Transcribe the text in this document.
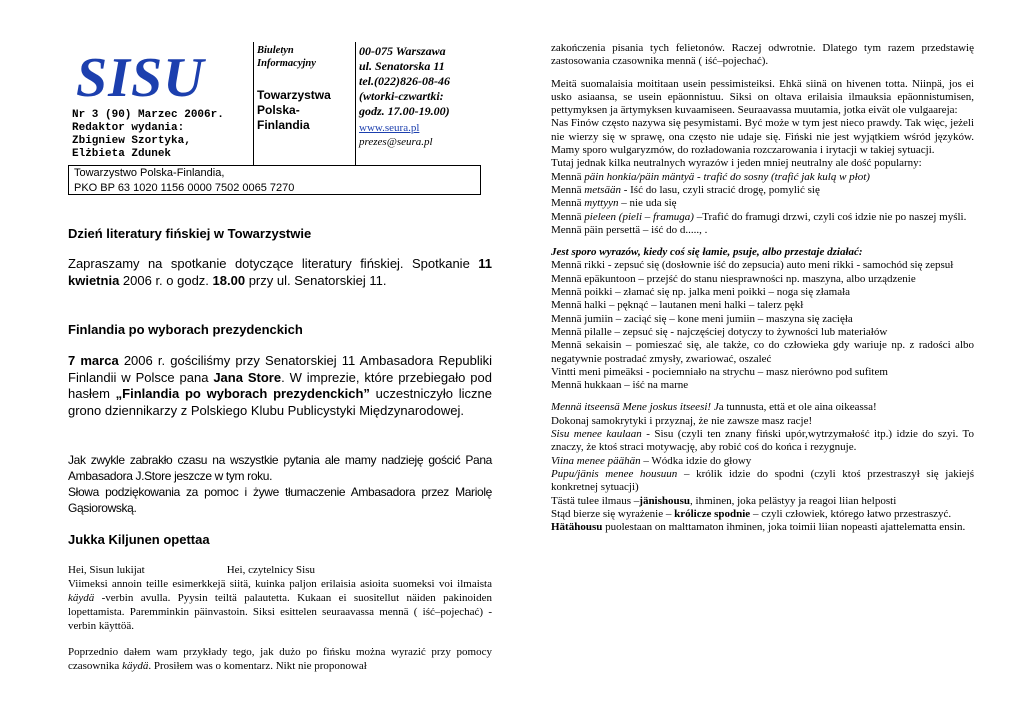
SISU
Nr 3 (90) Marzec 2006r.
Redaktor wydania:
Zbigniew Szortyka,
Elżbieta Zdunek
Biuletyn Informacyjny
Towarzystwa Polska-Finlandia
00-075 Warszawa
ul. Senatorska 11
tel.(022)826-08-46
(wtorki-czwartki:
godz. 17.00-19.00)
www.seura.pl
prezes@seura.pl
Towarzystwo Polska-Finlandia,
PKO BP 63 1020 1156 0000 7502 0065 7270
Dzień literatury fińskiej w Towarzystwie
Zapraszamy na spotkanie dotyczące literatury fińskiej. Spotkanie 11 kwietnia 2006 r. o godz. 18.00 przy ul. Senatorskiej 11.
Finlandia po wyborach prezydenckich
7 marca 2006 r. gościliśmy przy Senatorskiej 11 Ambasadora Republiki Finlandii w Polsce pana Jana Store. W imprezie, które przebiegało pod hasłem „Finlandia po wyborach prezydenckich” uczestniczyło liczne grono dziennikarzy z Polskiego Klubu Publicystyki Międzynarodowej.
Jak zwykle zabrakło czasu na wszystkie pytania ale mamy nadzieję gościć Pana Ambasadora J.Store jeszcze w tym roku.
Słowa podziękowania za pomoc i żywe tłumaczenie Ambasadora przez Mariolę Gąsiorowską.
Jukka Kiljunen opettaa
Hei, Sisun lukijat	Hei, czytelnicy Sisu
Viimeksi annoin teille esimerkkejä siitä, kuinka paljon erilaisia asioita suomeksi voi ilmaista käydä -verbin avulla. Pyysin teiltä palautetta. Kukaan ei suositellut näiden pakinoiden lopettamista. Paremminkin päinvastoin. Siksi esittelen seuraavassa mennä ( iść–pojechać) -verbin käyttöä.
Poprzednio dałem wam przykłady tego, jak dużo po fińsku można wyrazić przy pomocy czasownika käydä. Prosiłem was o komentarz. Nikt nie proponował

zakończenia pisania tych felietonów. Raczej odwrotnie. Dlatego tym razem przedstawię zastosowania czasownika mennä ( iść–pojechać).

Meitä suomalaisia moititaan usein pessimisteiksi. Ehkä siinä on hivenen totta. Niinpä, jos ei usko asiaansa, se usein epäonnistuu. Siksi on oltava erilaisia ilmauksia epäonnistumisen, pettymyksen ja ärtymyksen kuvaamiseen. Seuraavassa muutamia, jotka eivät ole vulgaareja:

Nas Finów często nazywa się pesymistami. Być może w tym jest nieco prawdy. Tak więc, jeżeli nie wierzy się w sprawę, ona często nie udaje się. Fiński nie jest wyjątkiem wśród języków. Mamy sporo wulgaryzmów, do rozładowania rozczarowania i irytacji w takiej sytuacji.

Tutaj jednak kilka neutralnych wyrazów i jeden mniej neutralny ale dość popularny:

Mennä päin honkia/päin mäntyä - trafić do sosny (trafić jak kulą w płot)

Mennä metsään - Iść do lasu, czyli stracić drogę, pomylić się

Mennä myttyyn – nie uda się

Mennä pieleen (pieli – framuga) –Trafić do framugi drzwi, czyli coś idzie nie po naszej myśli.

Mennä päin persettä – iść do d....., .

Jest sporo wyrazów, kiedy coś się łamie, psuje, albo przestaje działać:

Mennä rikki - zepsuć się (dosłownie iść do zepsucia) auto meni rikki - samochód się zepsuł

Mennä epäkuntoon – przejść do stanu niesprawności np. maszyna, albo urządzenie

Mennä poikki – złamać się np. jalka meni poikki – noga się złamała

Mennä halki – pęknąć – lautanen meni halki – talerz pękł

Mennä jumiin – zaciąć się – kone meni jumiin – maszyna się zacięła

Mennä pilalle – zepsuć się - najczęściej dotyczy to żywności lub materiałów

Mennä sekaisin – pomieszać się, ale także, co do człowieka gdy wariuje np. z radości albo negatywnie postradać zmysły, zwariować, oszaleć

Vintti meni pimeäksi - pociemniało na strychu – masz nierówno pod sufitem

Mennä hukkaan – iść na marne

Mennä itseensä Mene joskus itseesi! Ja tunnusta, että et ole aina oikeassa!

Dokonaj samokrytyki i przyznaj, że nie zawsze masz racje!

Sisu menee kaulaan - Sisu (czyli ten znany fiński upór,wytrzymałość itp.) idzie do szyi. To znaczy, że ktoś straci motywację, aby robić coś do końca i rezygnuje.

Viina menee päähän – Wódka idzie do głowy

Pupu/jänis menee housuun – królik idzie do spodni (czyli ktoś przestraszył się jakiejś konkretnej sytuacji)

Tästä tulee ilmaus –jänishousu, ihminen, joka pelästyy ja reagoi liian helposti

Stąd bierze się wyrażenie – królicze spodnie – czyli człowiek, którego łatwo przestraszyć.

Hätähousu puolestaan on malttamaton ihminen, joka toimii liian nopeasti ajattelematta ensin.
